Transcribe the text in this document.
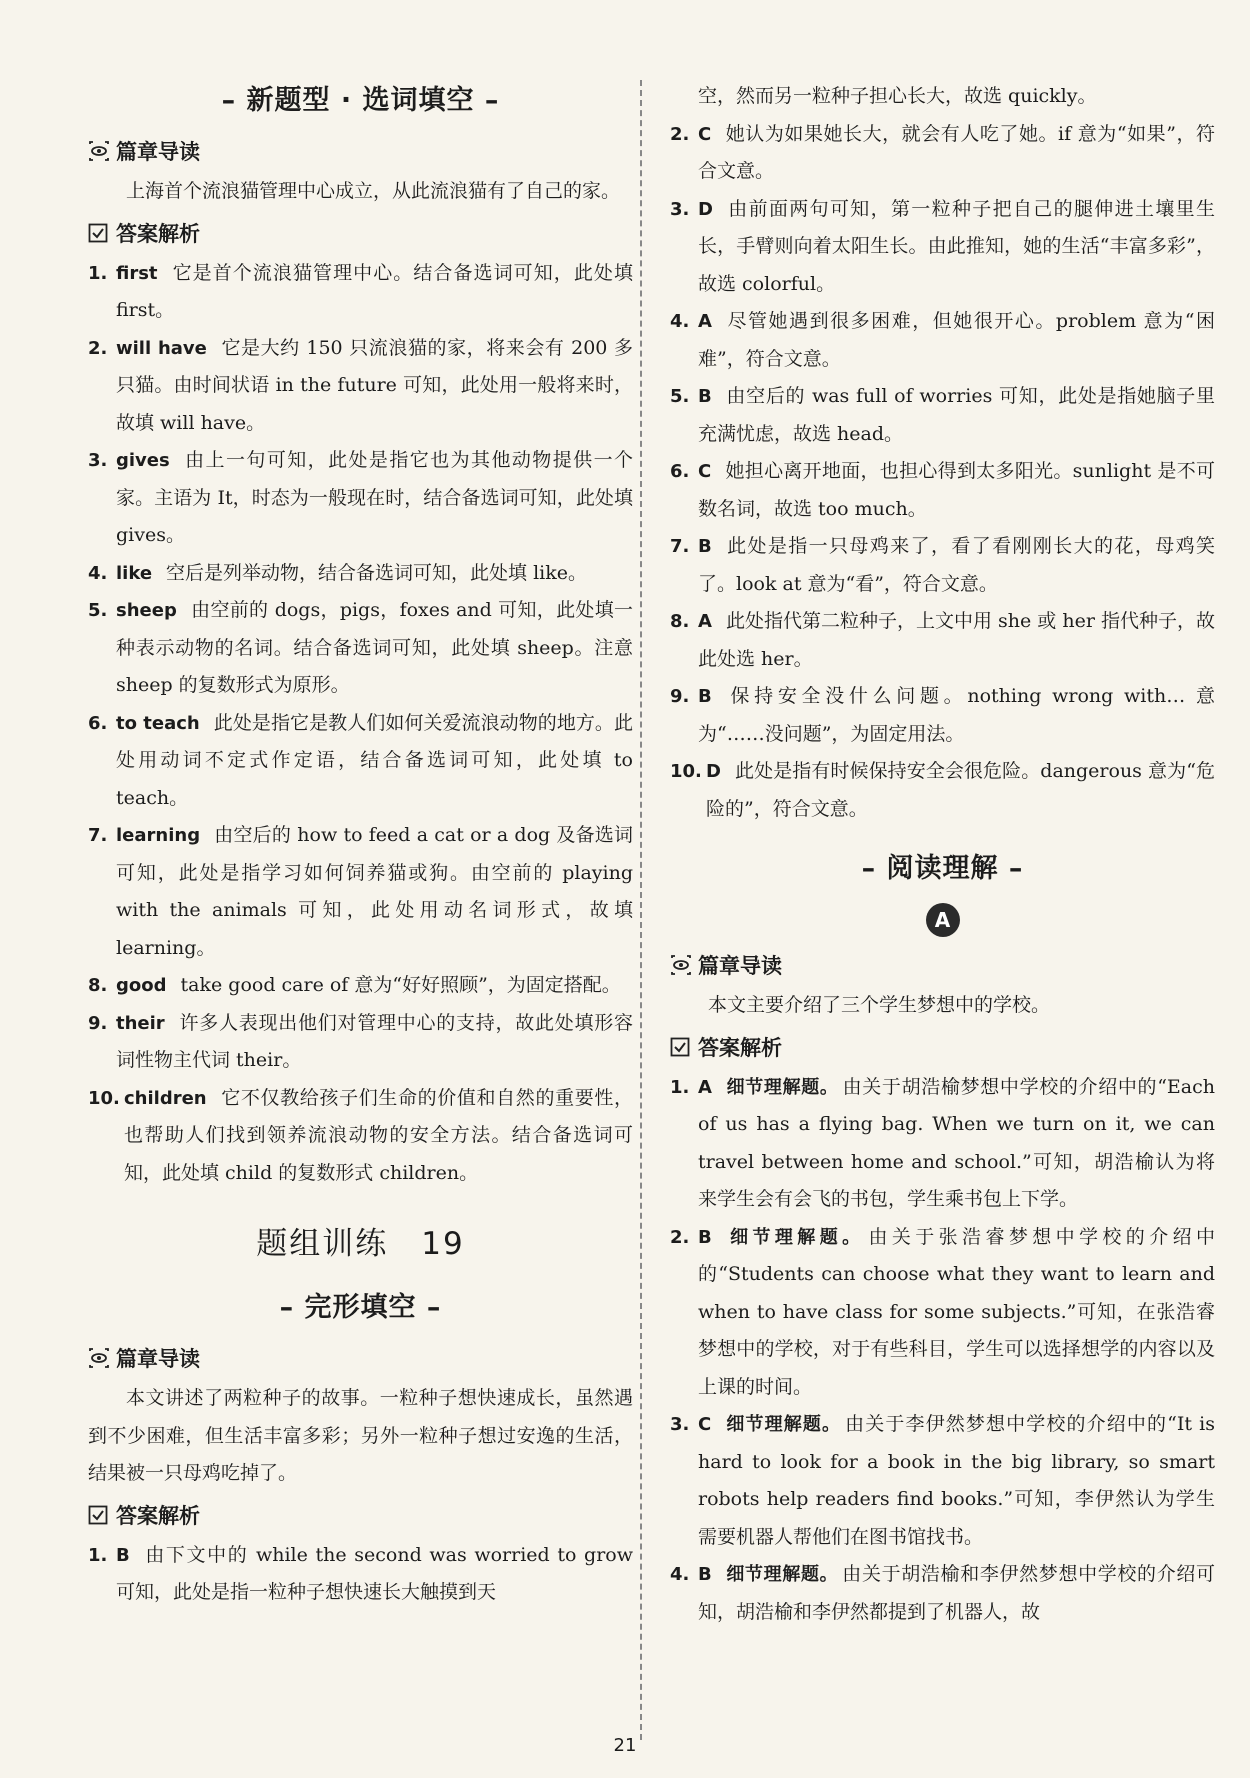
– 新题型 · 选词填空 –
篇章导读

上海首个流浪猫管理中心成立，从此流浪猫有了自己的家。

答案解析

1. first 它是首个流浪猫管理中心。结合备选词可知，此处填 first。

2. will have 它是大约 150 只流浪猫的家，将来会有 200 多只猫。由时间状语 in the future 可知，此处用一般将来时，故填 will have。

3. gives 由上一句可知，此处是指它也为其他动物提供一个家。主语为 It，时态为一般现在时，结合备选词可知，此处填 gives。

4. like 空后是列举动物，结合备选词可知，此处填 like。

5. sheep 由空前的 dogs，pigs，foxes and 可知，此处填一种表示动物的名词。结合备选词可知，此处填 sheep。注意 sheep 的复数形式为原形。

6. to teach 此处是指它是教人们如何关爱流浪动物的地方。此处用动词不定式作定语，结合备选词可知，此处填 to teach。

7. learning 由空后的 how to feed a cat or a dog 及备选词可知，此处是指学习如何饲养猫或狗。由空前的 playing with the animals 可知，此处用动名词形式，故填 learning。

8. good take good care of 意为“好好照顾”，为固定搭配。

9. their 许多人表现出他们对管理中心的支持，故此处填形容词性物主代词 their。

10. children 它不仅教给孩子们生命的价值和自然的重要性，也帮助人们找到领养流浪动物的安全方法。结合备选词可知，此处填 child 的复数形式 children。

题组训练　19
– 完形填空 –
篇章导读

本文讲述了两粒种子的故事。一粒种子想快速成长，虽然遇到不少困难，但生活丰富多彩；另外一粒种子想过安逸的生活，结果被一只母鸡吃掉了。

答案解析

1. B 由下文中的 while the second was worried to grow 可知，此处是指一粒种子想快速长大触摸到天

空，然而另一粒种子担心长大，故选 quickly。

2. C 她认为如果她长大，就会有人吃了她。if 意为“如果”，符合文意。

3. D 由前面两句可知，第一粒种子把自己的腿伸进土壤里生长，手臂则向着太阳生长。由此推知，她的生活“丰富多彩”，故选 colorful。

4. A 尽管她遇到很多困难，但她很开心。problem 意为“困难”，符合文意。

5. B 由空后的 was full of worries 可知，此处是指她脑子里充满忧虑，故选 head。

6. C 她担心离开地面，也担心得到太多阳光。sunlight 是不可数名词，故选 too much。

7. B 此处是指一只母鸡来了，看了看刚刚长大的花，母鸡笑了。look at 意为“看”，符合文意。

8. A 此处指代第二粒种子，上文中用 she 或 her 指代种子，故此处选 her。

9. B 保持安全没什么问题。nothing wrong with… 意为“……没问题”，为固定用法。

10. D 此处是指有时候保持安全会很危险。dangerous 意为“危险的”，符合文意。

– 阅读理解 –
A
篇章导读

本文主要介绍了三个学生梦想中的学校。

答案解析

1. A 细节理解题。 由关于胡浩榆梦想中学校的介绍中的“Each of us has a flying bag. When we turn on it, we can travel between home and school.”可知，胡浩榆认为将来学生会有会飞的书包，学生乘书包上下学。

2. B 细节理解题。 由关于张浩睿梦想中学校的介绍中的“Students can choose what they want to learn and when to have class for some subjects.”可知，在张浩睿梦想中的学校，对于有些科目，学生可以选择想学的内容以及上课的时间。

3. C 细节理解题。 由关于李伊然梦想中学校的介绍中的“It is hard to look for a book in the big library, so smart robots help readers find books.”可知，李伊然认为学生需要机器人帮他们在图书馆找书。

4. B 细节理解题。 由关于胡浩榆和李伊然梦想中学校的介绍可知，胡浩榆和李伊然都提到了机器人，故

21
